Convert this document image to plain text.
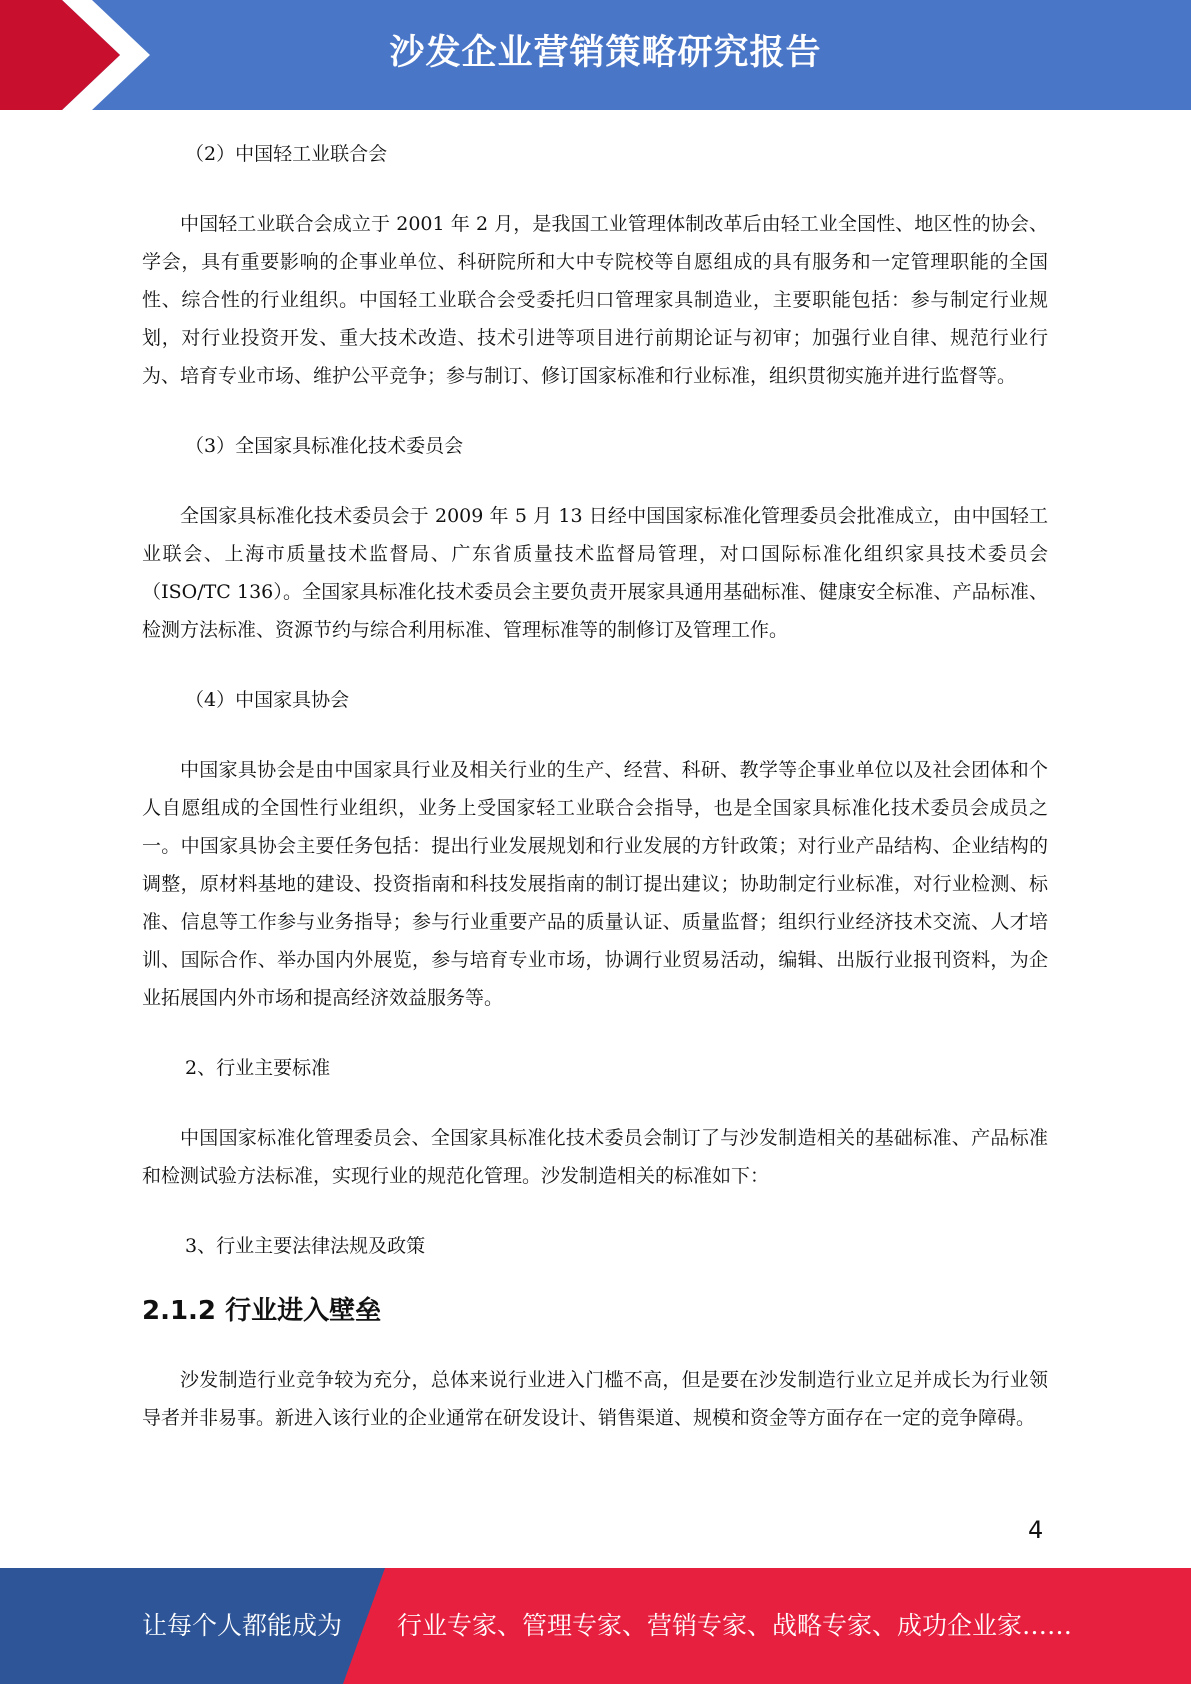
沙发企业营销策略研究报告

（2）中国轻工业联合会

中国轻工业联合会成立于 2001 年 2 月，是我国工业管理体制改革后由轻工业全国性、地区性的协会、学会，具有重要影响的企事业单位、科研院所和大中专院校等自愿组成的具有服务和一定管理职能的全国性、综合性的行业组织。中国轻工业联合会受委托归口管理家具制造业，主要职能包括：参与制定行业规划，对行业投资开发、重大技术改造、技术引进等项目进行前期论证与初审；加强行业自律、规范行业行为、培育专业市场、维护公平竞争；参与制订、修订国家标准和行业标准，组织贯彻实施并进行监督等。

（3）全国家具标准化技术委员会

全国家具标准化技术委员会于 2009 年 5 月 13 日经中国国家标准化管理委员会批准成立，由中国轻工业联会、上海市质量技术监督局、广东省质量技术监督局管理，对口国际标准化组织家具技术委员会（ISO/TC 136）。全国家具标准化技术委员会主要负责开展家具通用基础标准、健康安全标准、产品标准、检测方法标准、资源节约与综合利用标准、管理标准等的制修订及管理工作。

（4）中国家具协会

中国家具协会是由中国家具行业及相关行业的生产、经营、科研、教学等企事业单位以及社会团体和个人自愿组成的全国性行业组织，业务上受国家轻工业联合会指导，也是全国家具标准化技术委员会成员之一。中国家具协会主要任务包括：提出行业发展规划和行业发展的方针政策；对行业产品结构、企业结构的调整，原材料基地的建设、投资指南和科技发展指南的制订提出建议；协助制定行业标准，对行业检测、标准、信息等工作参与业务指导；参与行业重要产品的质量认证、质量监督；组织行业经济技术交流、人才培训、国际合作、举办国内外展览，参与培育专业市场，协调行业贸易活动，编辑、出版行业报刊资料，为企业拓展国内外市场和提高经济效益服务等。

2、行业主要标准

中国国家标准化管理委员会、全国家具标准化技术委员会制订了与沙发制造相关的基础标准、产品标准和检测试验方法标准，实现行业的规范化管理。沙发制造相关的标准如下：

3、行业主要法律法规及政策

2.1.2 行业进入壁垒

沙发制造行业竞争较为充分，总体来说行业进入门槛不高，但是要在沙发制造行业立足并成长为行业领导者并非易事。新进入该行业的企业通常在研发设计、销售渠道、规模和资金等方面存在一定的竞争障碍。

4
让每个人都能成为 行业专家、管理专家、营销专家、战略专家、成功企业家……
